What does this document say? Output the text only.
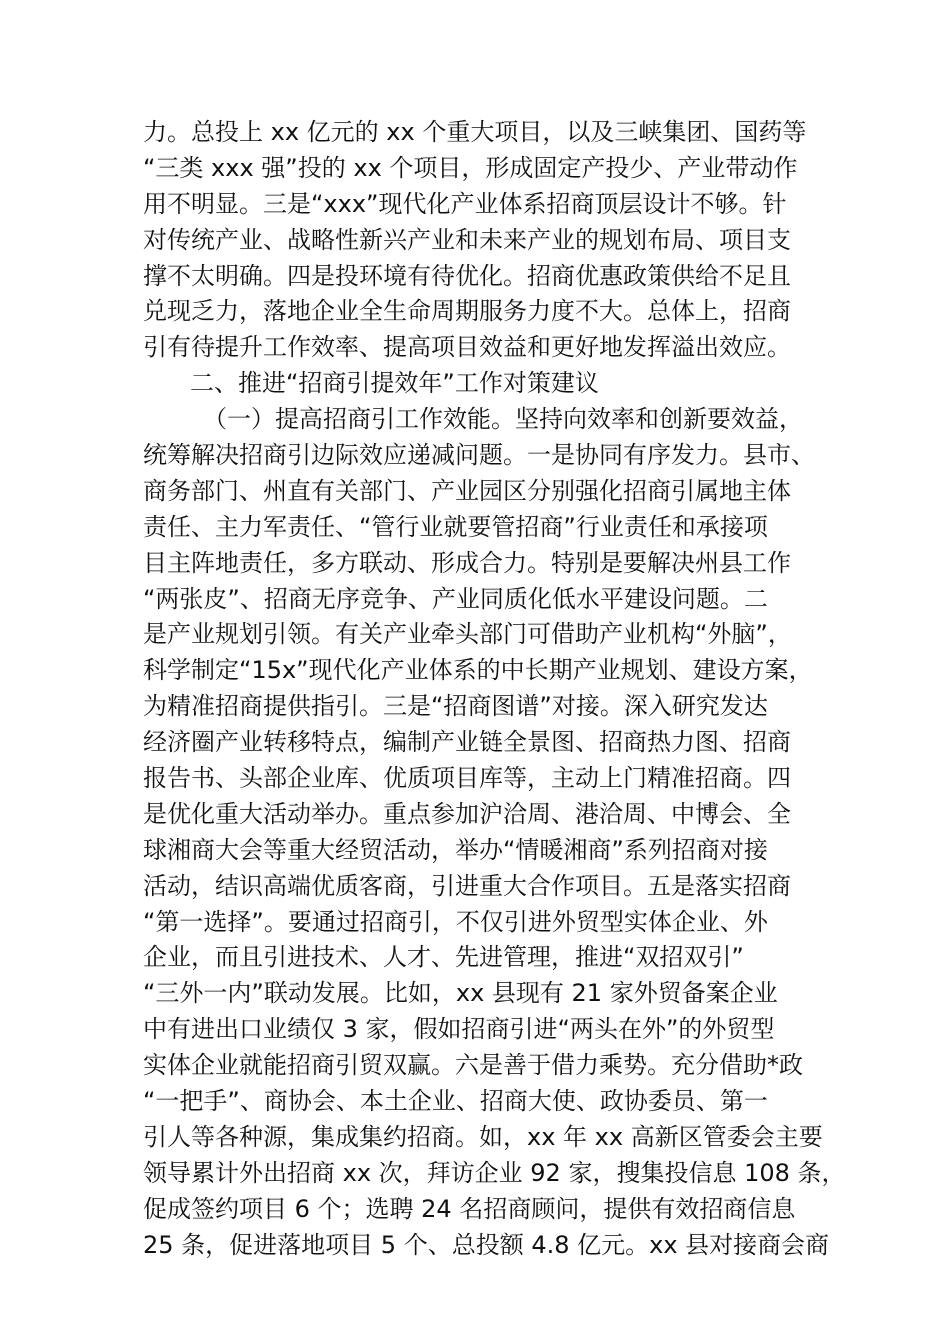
力。总投上 xx 亿元的 xx 个重大项目，以及三峡集团、国药等
“三类 xxx 强”投的 xx 个项目，形成固定产投少、产业带动作
用不明显。三是“xxx”现代化产业体系招商顶层设计不够。针
对传统产业、战略性新兴产业和未来产业的规划布局、项目支
撑不太明确。四是投环境有待优化。招商优惠政策供给不足且
兑现乏力，落地企业全生命周期服务力度不大。总体上，招商
引有待提升工作效率、提高项目效益和更好地发挥溢出效应。
二、推进“招商引提效年”工作对策建议
（一）提高招商引工作效能。坚持向效率和创新要效益，
统筹解决招商引边际效应递减问题。一是协同有序发力。县市、
商务部门、州直有关部门、产业园区分别强化招商引属地主体
责任、主力军责任、“管行业就要管招商”行业责任和承接项
目主阵地责任，多方联动、形成合力。特别是要解决州县工作
“两张皮”、招商无序竞争、产业同质化低水平建设问题。二
是产业规划引领。有关产业牵头部门可借助产业机构“外脑”，
科学制定“15x”现代化产业体系的中长期产业规划、建设方案，
为精准招商提供指引。三是“招商图谱”对接。深入研究发达
经济圈产业转移特点，编制产业链全景图、招商热力图、招商
报告书、头部企业库、优质项目库等，主动上门精准招商。四
是优化重大活动举办。重点参加沪洽周、港洽周、中博会、全
球湘商大会等重大经贸活动，举办“情暖湘商”系列招商对接
活动，结识高端优质客商，引进重大合作项目。五是落实招商
“第一选择”。要通过招商引，不仅引进外贸型实体企业、外
企业，而且引进技术、人才、先进管理，推进“双招双引”
“三外一内”联动发展。比如，xx 县现有 21 家外贸备案企业
中有进出口业绩仅 3 家，假如招商引进“两头在外”的外贸型
实体企业就能招商引贸双赢。六是善于借力乘势。充分借助*政
“一把手”、商协会、本土企业、招商大使、政协委员、第一
引人等各种源，集成集约招商。如，xx 年 xx 高新区管委会主要
领导累计外出招商 xx 次，拜访企业 92 家，搜集投信息 108 条，
促成签约项目 6 个；选聘 24 名招商顾问，提供有效招商信息
25 条，促进落地项目 5 个、总投额 4.8 亿元。xx 县对接商会商
